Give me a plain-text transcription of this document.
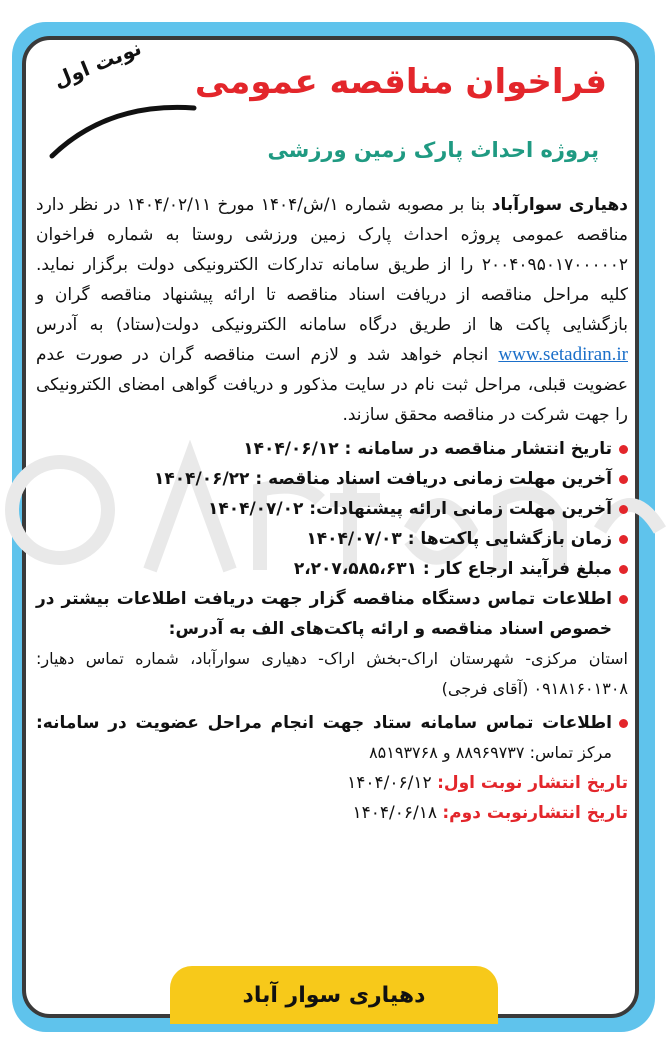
فراخوان مناقصه عمومی
پروژه احداث پارک زمین ورزشی
نوبت اول

دهیاری سوارآباد بنا بر مصوبه شماره ۱/ش/۱۴۰۴ مورخ ۱۴۰۴/۰۲/۱۱ در نظر دارد مناقصه عمومی پروژه احداث پارک زمین ورزشی روستا به شماره فراخوان ۲۰۰۴۰۹۵۰۱۷۰۰۰۰۰۲ را از طریق سامانه تدارکات الکترونیکی دولت برگزار نماید. کلیه مراحل مناقصه از دریافت اسناد مناقصه تا ارائه پیشنهاد مناقصه گران و بازگشایی پاکت ها از طریق درگاه سامانه الکترونیکی دولت(ستاد) به آدرس www.setadiran.ir انجام خواهد شد و لازم است مناقصه گران در صورت عدم عضویت قبلی، مراحل ثبت نام در سایت مذکور و دریافت گواهی امضای الکترونیکی را جهت شرکت در مناقصه محقق سازند.

تاریخ انتشار مناقصه در سامانه : ۱۴۰۴/۰۶/۱۲
آخرین مهلت زمانی دریافت اسناد مناقصه : ۱۴۰۴/۰۶/۲۲
آخرین مهلت زمانی ارائه پیشنهادات: ۱۴۰۴/۰۷/۰۲
زمان بازگشایی پاکت‌ها : ۱۴۰۴/۰۷/۰۳
مبلغ فرآیند ارجاع کار : ۲،۲۰۷،۵۸۵،۶۳۱
اطلاعات تماس دستگاه مناقصه گزار جهت دریافت اطلاعات بیشتر در خصوص اسناد مناقصه و ارائه پاکت‌های الف به آدرس:

استان مرکزی- شهرستان اراک-بخش اراک- دهیاری سوارآباد، شماره تماس دهیار: ۰۹۱۸۱۶۰۱۳۰۸ (آقای فرجی)

اطلاعات تماس سامانه ستاد جهت انجام مراحل عضویت در سامانه: مرکز تماس: ۸۸۹۶۹۷۳۷ و ۸۵۱۹۳۷۶۸

تاریخ انتشار نوبت اول: ۱۴۰۴/۰۶/۱۲

تاریخ انتشارنوبت دوم: ۱۴۰۴/۰۶/۱۸

دهیاری سوار آباد
